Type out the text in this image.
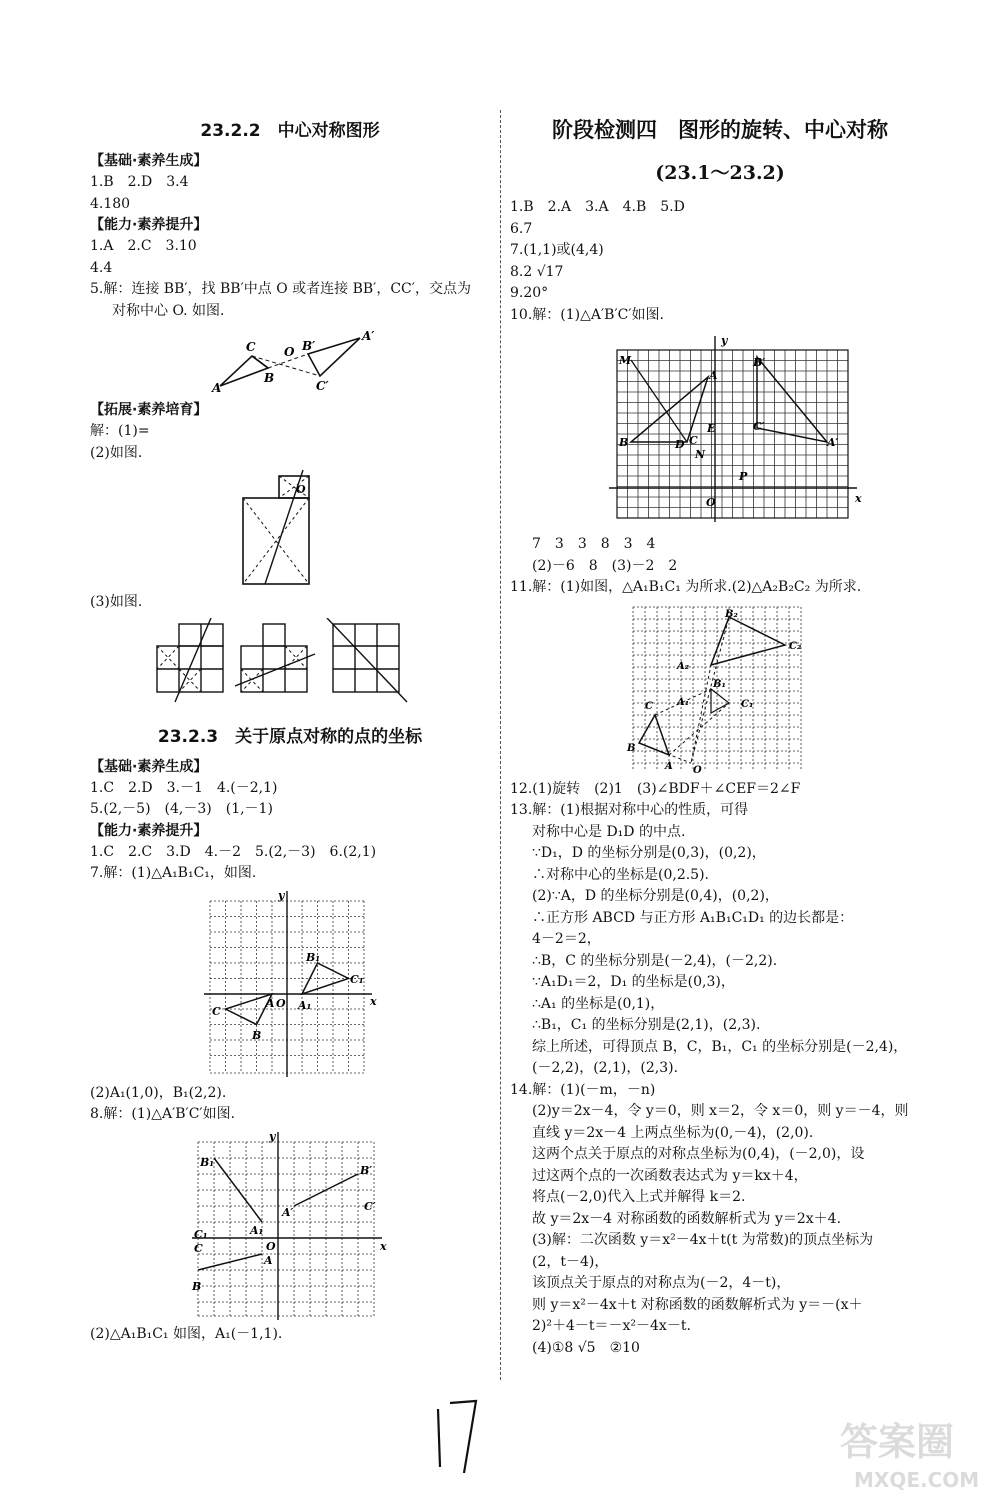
23.2.2　中心对称图形
【基础·素养生成】
1.B　2.D　3.4
4.180
【能力·素养提升】
1.A　2.C　3.10
4.4
5.解：连接 BB′，找 BB′中点 O 或者连接 BB′，CC′，交点为
对称中心 O. 如图.
A
C
B
O B′
A′
C′
【拓展·素养培育】
解：(1)=
(2)如图.
O
(3)如图.
23.2.3　关于原点对称的点的坐标
【基础·素养生成】
1.C　2.D　3.－1　4.(－2,1)
5.(2,－5)　(4,－3)　(1,－1)
【能力·素养提升】
1.C　2.C　3.D　4.－2　5.(2,－3)　6.(2,1)
7.解：(1)△A₁B₁C₁，如图.
y
x
O
A
B
C	A₁
B₁
C₁
(2)A₁(1,0)，B₁(2,2).
8.解：(1)△A′B′C′如图.
y
x
O
A
B
C
A₁
B₁
C₁
A′
B′
C′
(2)△A₁B₁C₁ 如图，A₁(－1,1).
阶段检测四　图形的旋转、中心对称
(23.1～23.2)
1.B　2.A　3.A　4.B　5.D
6.7
7.(1,1)或(4,4)
8.2 √17
9.20°
10.解：(1)△A′B′C′如图.
y
x
O
M
A
B′
E	C′
B	D C	A′
N
P
7　3　3　8　3　4
(2)－6　8　(3)－2　2
11.解：(1)如图，△A₁B₁C₁ 为所求.(2)△A₂B₂C₂ 为所求.
B₂
C₂
A₂
B₁
C A₁	C₁
B
A O
12.(1)旋转　(2)1　(3)∠BDF＋∠CEF＝2∠F
13.解：(1)根据对称中心的性质，可得
对称中心是 D₁D 的中点.
∵D₁，D 的坐标分别是(0,3)，(0,2)，
∴对称中心的坐标是(0,2.5).
(2)∵A，D 的坐标分别是(0,4)，(0,2)，
∴正方形 ABCD 与正方形 A₁B₁C₁D₁ 的边长都是：
4－2＝2，
∴B，C 的坐标分别是(－2,4)，(－2,2).
∵A₁D₁＝2，D₁ 的坐标是(0,3)，
∴A₁ 的坐标是(0,1)，
∴B₁，C₁ 的坐标分别是(2,1)，(2,3).
综上所述，可得顶点 B，C，B₁，C₁ 的坐标分别是(－2,4)，
(－2,2)，(2,1)，(2,3).
14.解：(1)(－m，－n)
(2)y＝2x－4，令 y＝0，则 x＝2，令 x＝0，则 y＝－4，则
直线 y＝2x－4 上两点坐标为(0,－4)，(2,0).
这两个点关于原点的对称点坐标为(0,4)，(－2,0)，设
过这两个点的一次函数表达式为 y＝kx＋4，
将点(－2,0)代入上式并解得 k＝2.
故 y＝2x－4 对称函数的函数解析式为 y＝2x＋4.
(3)解：二次函数 y＝x²－4x＋t(t 为常数)的顶点坐标为
(2，t－4)，
该顶点关于原点的对称点为(－2，4－t)，
则 y＝x²－4x＋t 对称函数的函数解析式为 y＝－(x＋
2)²＋4－t＝－x²－4x－t.
(4)①8 √5　②10
答案圈
MXQE.COM
